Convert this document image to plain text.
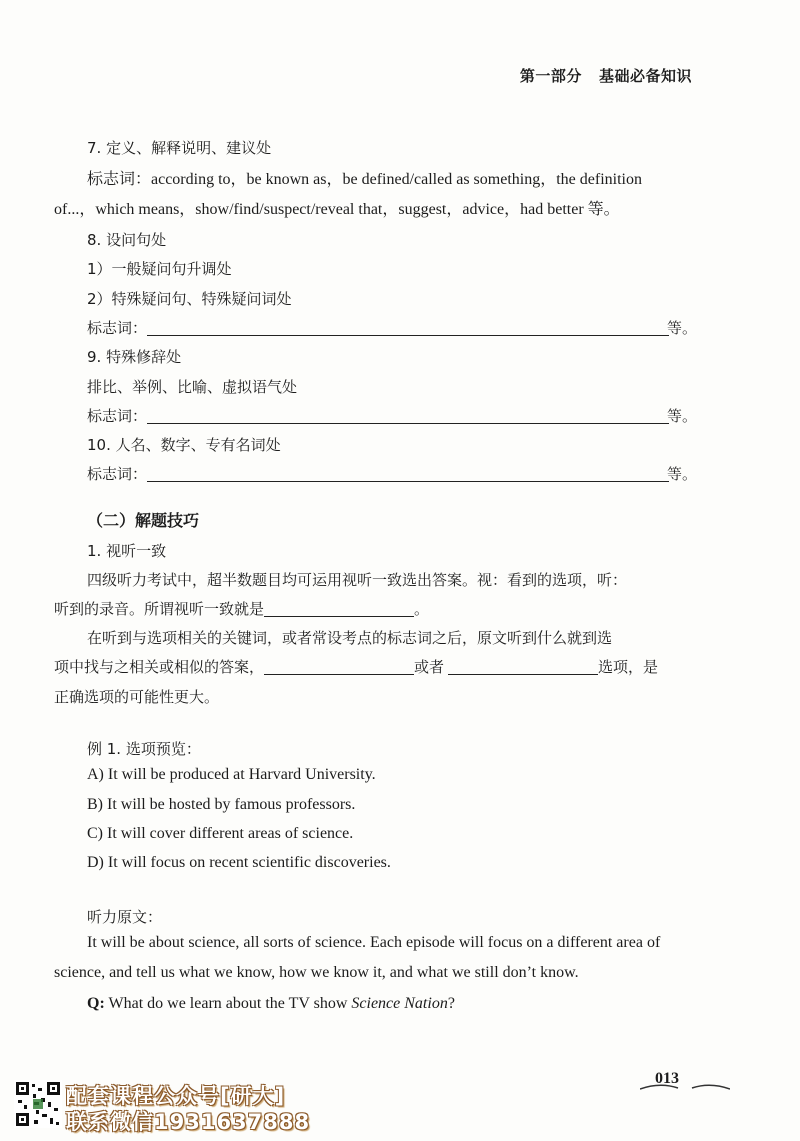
第一部分   基础必备知识
7. 定义、解释说明、建议处
标志词：according to，be known as，be defined/called as something，the definition
of...，which means，show/find/suspect/reveal that，suggest，advice，had better 等。
8. 设问句处
1）一般疑问句升调处
2）特殊疑问句、特殊疑问词处
标志词：	等。
9. 特殊修辞处
排比、举例、比喻、虚拟语气处
标志词：	等。
10. 人名、数字、专有名词处
标志词：	等。
（二）解题技巧
1. 视听一致
四级听力考试中，超半数题目均可运用视听一致选出答案。视：看到的选项，听：
听到的录音。所谓视听一致就是	。
在听到与选项相关的关键词，或者常设考点的标志词之后，原文听到什么就到选
项中找与之相关或相似的答案，	或者	选项，是
正确选项的可能性更大。
例 1. 选项预览：
A) It will be produced at Harvard University.
B) It will be hosted by famous professors.
C) It will cover different areas of science.
D) It will focus on recent scientific discoveries.
听力原文：
It will be about science, all sorts of science. Each episode will focus on a different area of
science, and tell us what we know, how we know it, and what we still don’t know.
Q: What do we learn about the TV show Science Nation?
配套课程公众号[研大]
联系微信1931637888
013
